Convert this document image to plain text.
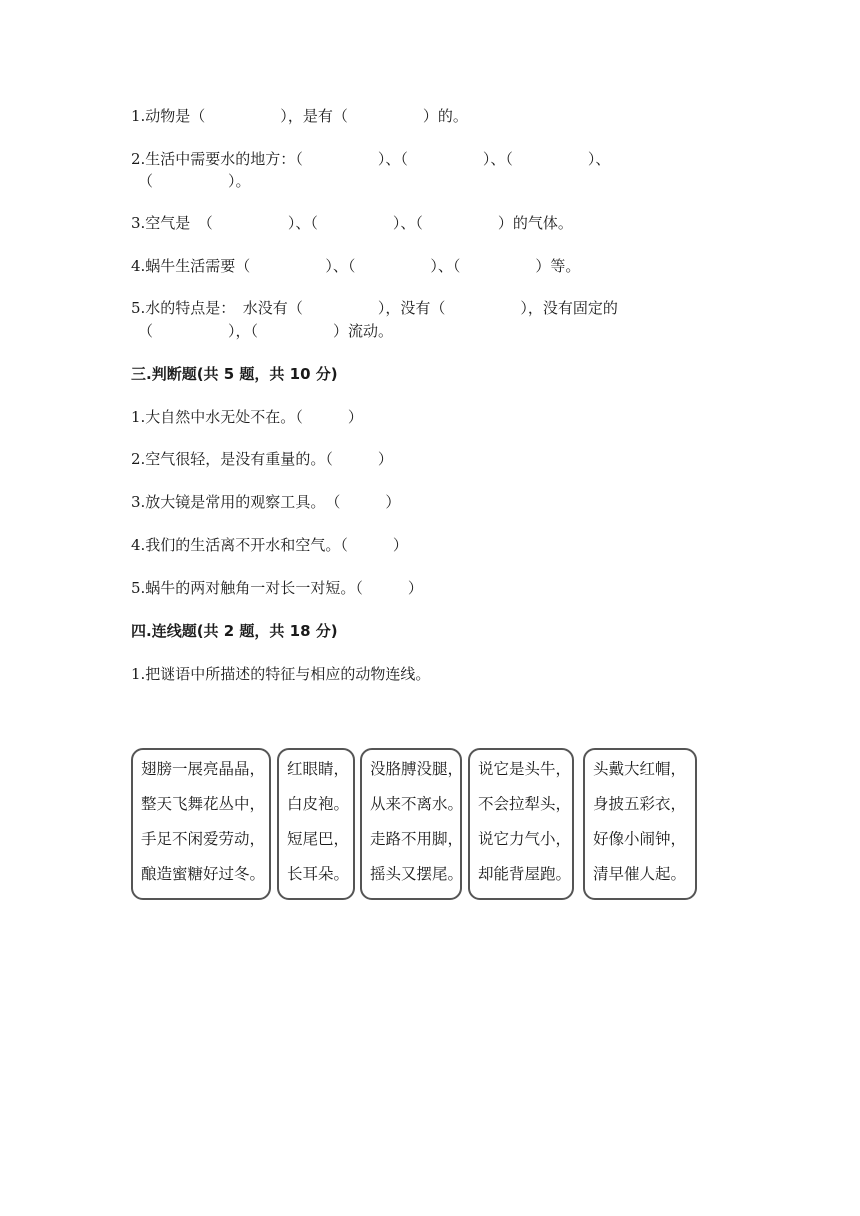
1.动物是（　　　　　），是有（　　　　　）的。
2.生活中需要水的地方：（　　　　　）、（　　　　　）、（　　　　　）、
（　　　　　）。
3.空气是　（　　　　　）、（　　　　　）、（　　　　　）的气体。
4.蜗牛生活需要（　　　　　）、（　　　　　）、（　　　　　）等。
5.水的特点是：　水没有（　　　　　），没有（　　　　　），没有固定的
（　　　　　），（　　　　　）流动。
三.判断题(共 5 题，共 10 分)
1.大自然中水无处不在。（　　　）
2.空气很轻，是没有重量的。（　　　）
3.放大镜是常用的观察工具。　（　　　）
4.我们的生活离不开水和空气。（　　　）
5.蜗牛的两对触角一对长一对短。（　　　）
四.连线题(共 2 题，共 18 分)
1.把谜语中所描述的特征与相应的动物连线。
翅膀一展亮晶晶，
整天飞舞花丛中，
手足不闲爱劳动，
酿造蜜糖好过冬。
红眼睛，
白皮袍。
短尾巴，
长耳朵。
没胳膊没腿，
从来不离水。
走路不用脚，
摇头又摆尾。
说它是头牛，
不会拉犁头，
说它力气小，
却能背屋跑。
头戴大红帽，
身披五彩衣，
好像小闹钟，
清早催人起。
